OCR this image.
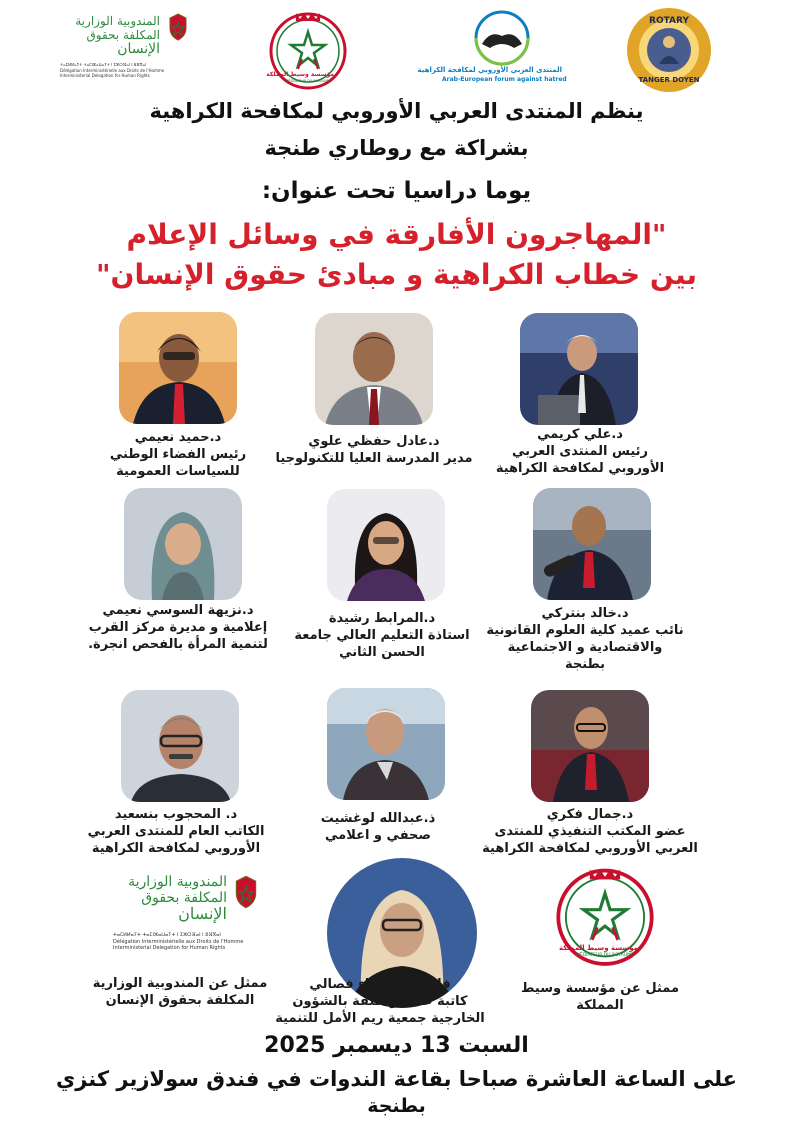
المندوبية الوزارية
المكلفة بحقوق
الإنسان
ⵜⴰⵎⵍⵍⴰⵢⵜ ⵜⴰⵎⵏⵣⴰⵡⴰⵢⵜ ⵏ ⵉⵣⵔⴼⴰⵏ ⵏ ⵓⴼⴳⴰⵏ
Délégation Interministérielle aux Droits de l'Homme
Interministerial Delegation for Human Rights	مؤسسة وسيط المملكة
MÉDIATEUR DU ROYAUME
المنتدى العربي الأوروبي لمكافحة الكراهية
Arab-European forum against hatred
ROTARY
TANGER DOYEN
ينظم المنتدى العربي الأوروبي لمكافحة الكراهية
بشراكة مع روطاري طنجة
يوما دراسيا تحت عنوان:
"المهاجرون الأفارقة في وسائل الإعلام
بين خطاب الكراهية و مبادئ حقوق الإنسان"
د.حميد نعيمي
رئيس الفضاء الوطني
للسياسات العمومية
د.عادل حفظي علوي
مدير المدرسة العليا للتكنولوجيا
د.علي كريمي
رئيس المنتدى العربي
الأوروبي لمكافحة الكراهية
د.نزيهة السوسي نعيمي
إعلامية و مديرة مركز القرب
لتنمية المرأة بالفحص انجرة.
د.المرابط رشيدة
استاذة التعليم العالي جامعة
الحسن الثاني
د.خالد بنتركي
نائب عميد كلية العلوم القانونية
والاقتصادية و الاجتماعية
بطنجة
د. المحجوب بنسعيد
الكاتب العام للمنتدى العربي
الأوروبي لمكافحة الكراهية
ذ.عبدالله لوغشيت
صحفي و اعلامي
د.جمال فكري
عضو المكتب التنفيذي للمنتدى
العربي الأوروبي لمكافحة الكراهية
المندوبية الوزارية
المكلفة بحقوق
الإنسان
ⵜⴰⵎⵍⵍⴰⵢⵜ ⵜⴰⵎⵏⵣⴰⵡⴰⵢⵜ ⵏ ⵉⵣⵔⴼⴰⵏ ⵏ ⵓⴼⴳⴰⵏ
Délégation Interministérielle aux Droits de l'Homme
Interministerial Delegation for Human Rights	مؤسسة وسيط المملكة
MÉDIATEUR DU ROYAUME
ممثل عن المندوبية الوزارية
المكلفة بحقوق الإنسان
فاطمة الزهراء فصالي
كاتبة عامة ومكلفة بالشؤون
الخارجية جمعية ريم الأمل للتنمية
ممثل عن مؤسسة وسيط
المملكة
السبت 13 ديسمبر 2025
على الساعة العاشرة صباحا بقاعة الندوات في فندق سولازير كنزي
بطنجة
